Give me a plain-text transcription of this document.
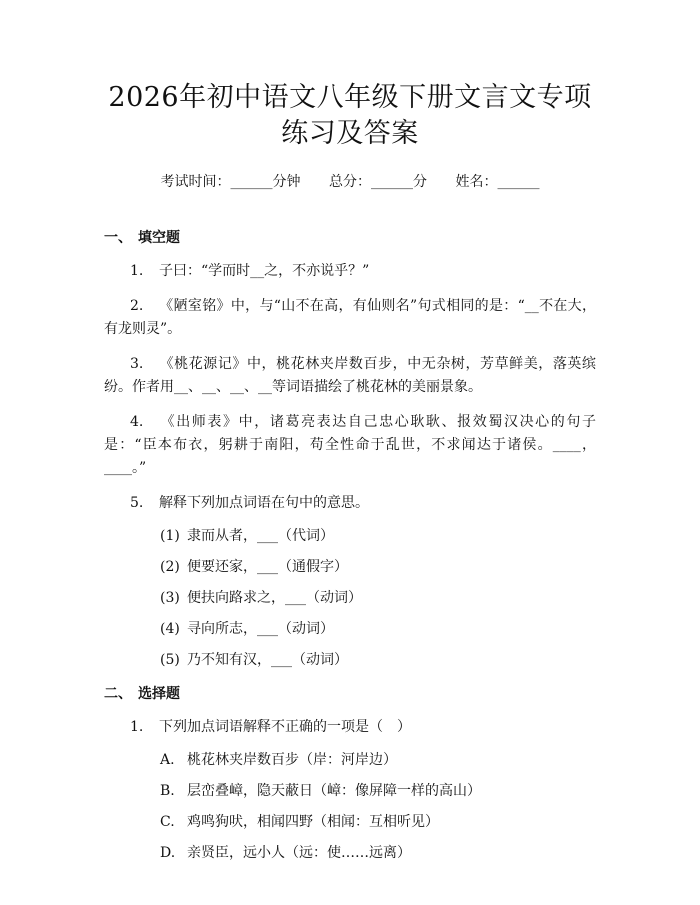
2026年初中语文八年级下册文言文专项练习及答案
考试时间：______分钟 总分：______分 姓名：______
一、 填空题
1. 子曰：“学而时__之，不亦说乎？”
2. 《陋室铭》中，与“山不在高，有仙则名”句式相同的是：“__不在大，有龙则灵”。
3. 《桃花源记》中，桃花林夹岸数百步，中无杂树，芳草鲜美，落英缤纷。作者用__、__、__、__等词语描绘了桃花林的美丽景象。
4. 《出师表》中，诸葛亮表达自己忠心耿耿、报效蜀汉决心的句子是：“臣本布衣，躬耕于南阳，苟全性命于乱世，不求闻达于诸侯。____，____。”
5. 解释下列加点词语在句中的意思。
(1) 隶而从者，___（代词）
(2) 便要还家，___（通假字）
(3) 便扶向路求之，___（动词）
(4) 寻向所志，___（动词）
(5) 乃不知有汉，___（动词）
二、 选择题
1. 下列加点词语解释不正确的一项是（　）
A. 桃花林夹岸数百步（岸：河岸边）
B. 层峦叠嶂，隐天蔽日（嶂：像屏障一样的高山）
C. 鸡鸣狗吠，相闻四野（相闻：互相听见）
D. 亲贤臣，远小人（远：使……远离）
